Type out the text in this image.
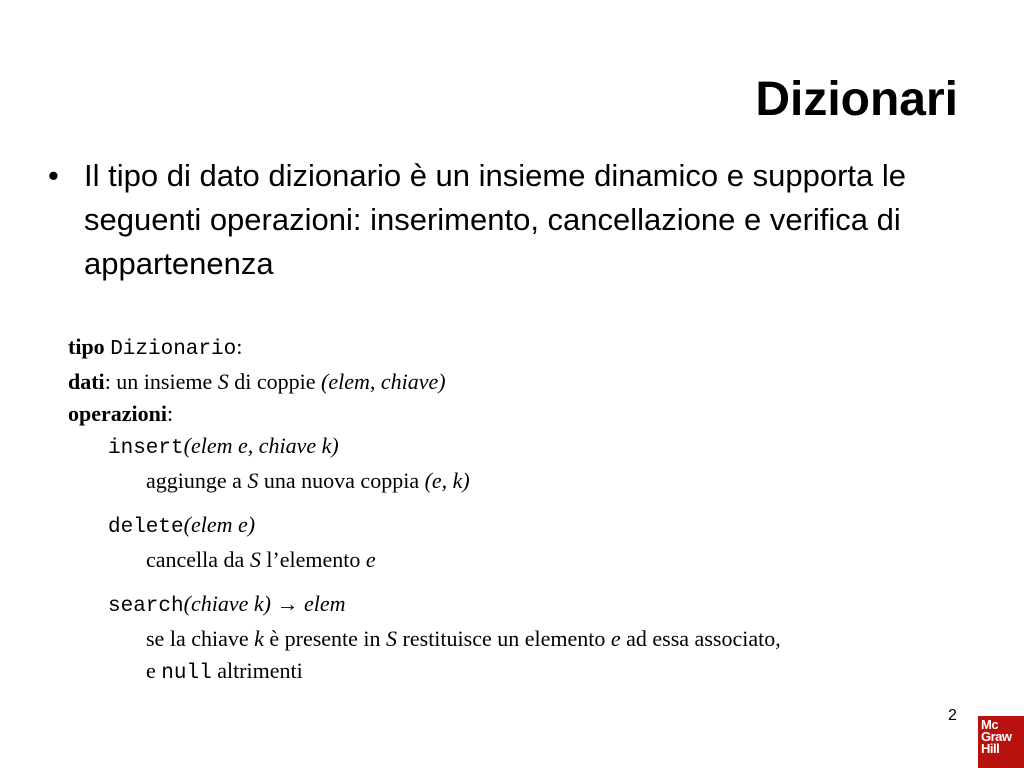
Dizionari
• Il tipo di dato dizionario è un insieme dinamico e supporta le seguenti operazioni: inserimento, cancellazione e verifica di appartenenza
tipo Dizionario:
dati: un insieme S di coppie (elem, chiave)
operazioni:
insert(elem e, chiave k)
aggiunge a S una nuova coppia (e, k)
delete(elem e)
cancella da S l’elemento e
search(chiave k) → elem
se la chiave k è presente in S restituisce un elemento e ad essa associato,
e null altrimenti
2
Mc
Graw
Hill
